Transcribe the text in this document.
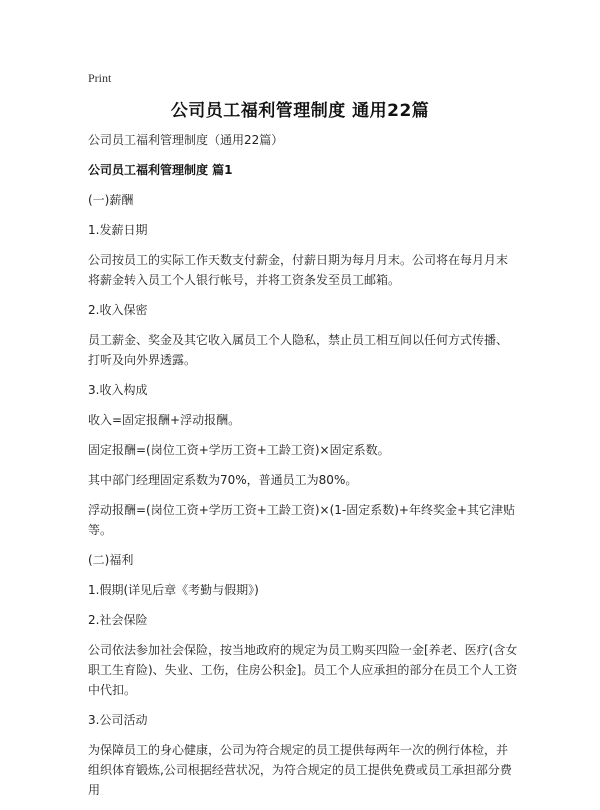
Print
公司员工福利管理制度 通用22篇

公司员工福利管理制度（通用22篇）

公司员工福利管理制度 篇1

(一)薪酬

1.发薪日期

公司按员工的实际工作天数支付薪金，付薪日期为每月月末。公司将在每月月末将薪金转入员工个人银行帐号，并将工资条发至员工邮箱。

2.收入保密

员工薪金、奖金及其它收入属员工个人隐私，禁止员工相互间以任何方式传播、打听及向外界透露。

3.收入构成

收入=固定报酬+浮动报酬。

固定报酬=(岗位工资+学历工资+工龄工资)×固定系数。

其中部门经理固定系数为70%，普通员工为80%。

浮动报酬=(岗位工资+学历工资+工龄工资)×(1-固定系数)+年终奖金+其它津贴等。

(二)福利

1.假期(详见后章《考勤与假期》)

2.社会保险

公司依法参加社会保险，按当地政府的规定为员工购买四险一金[养老、医疗(含女职工生育险)、失业、工伤，住房公积金]。员工个人应承担的部分在员工个人工资中代扣。

3.公司活动

为保障员工的身心健康，公司为符合规定的员工提供每两年一次的例行体检，并组织体育锻炼,公司根据经营状况，为符合规定的员工提供免费或员工承担部分费用
